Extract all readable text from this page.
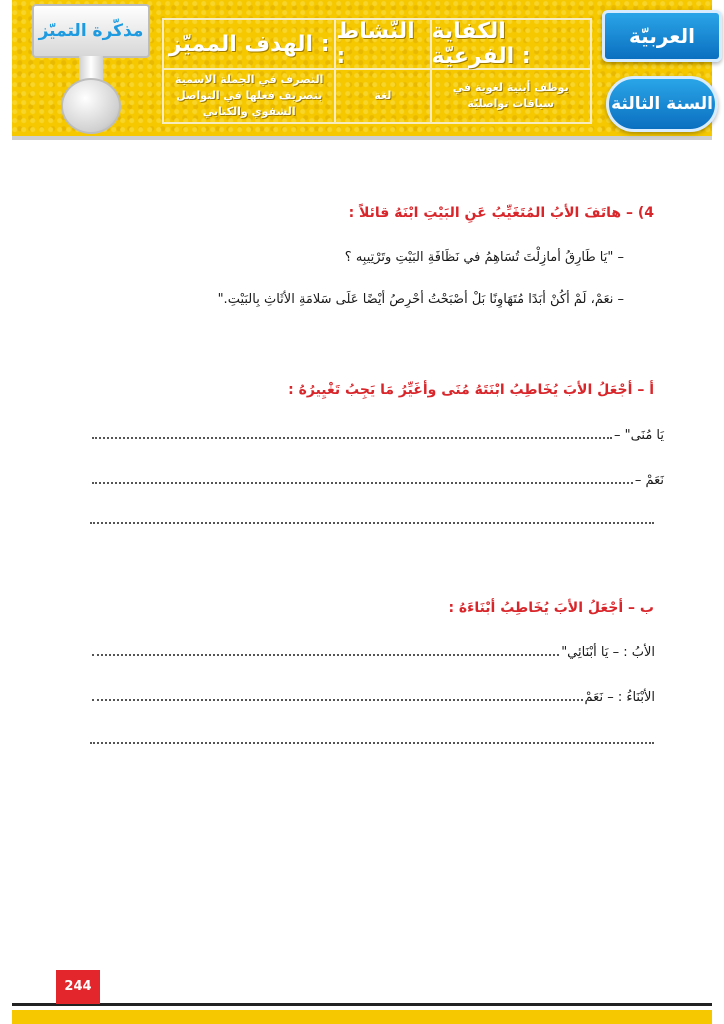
العربيّة
السنة الثالثة
الكفاية الفرعيّة :
يوظف أبنية لغوية في سياقات تواصليّة
النّشاط :
لغة
الهدف المميّز :
التصرف في الجملة الاسمية بتصريف فعلها في التواصل الشفوي والكتابي
مذكّرة التميّز
4) – هاتَفَ الأبُ المُتَغَيِّبُ عَنِ البَيْتِ ابْنَهُ قائلاً :
– "يَا طَارِقُ أمازِلْتَ تُسَاهِمُ في نَظَافَةِ البَيْتِ وتَرْتِيبِه ؟
– نعَمْ، لَمْ أكُنْ أبَدًا مُتَهَاوِنًا بَلْ أصْبَحْتُ أحْرِصُ أيْضًا عَلَى سَلامَةِ الأثَاثِ بِالبَيْتِ."
أ – أجْعَلُ الأبَ يُخَاطِبُ ابْنَتَهُ مُنَى وأغَيِّرُ مَا يَجِبُ تَغْيِيرُهُ :
– "يَا مُنَى
– نَعَمْ
ب – أجْعَلُ الأبَ يُخَاطِبُ أبْنَاءَهُ :
"الأبُ : – يَا أبْنَائِي
الأبْنَاءُ : – نَعَمْ
244
